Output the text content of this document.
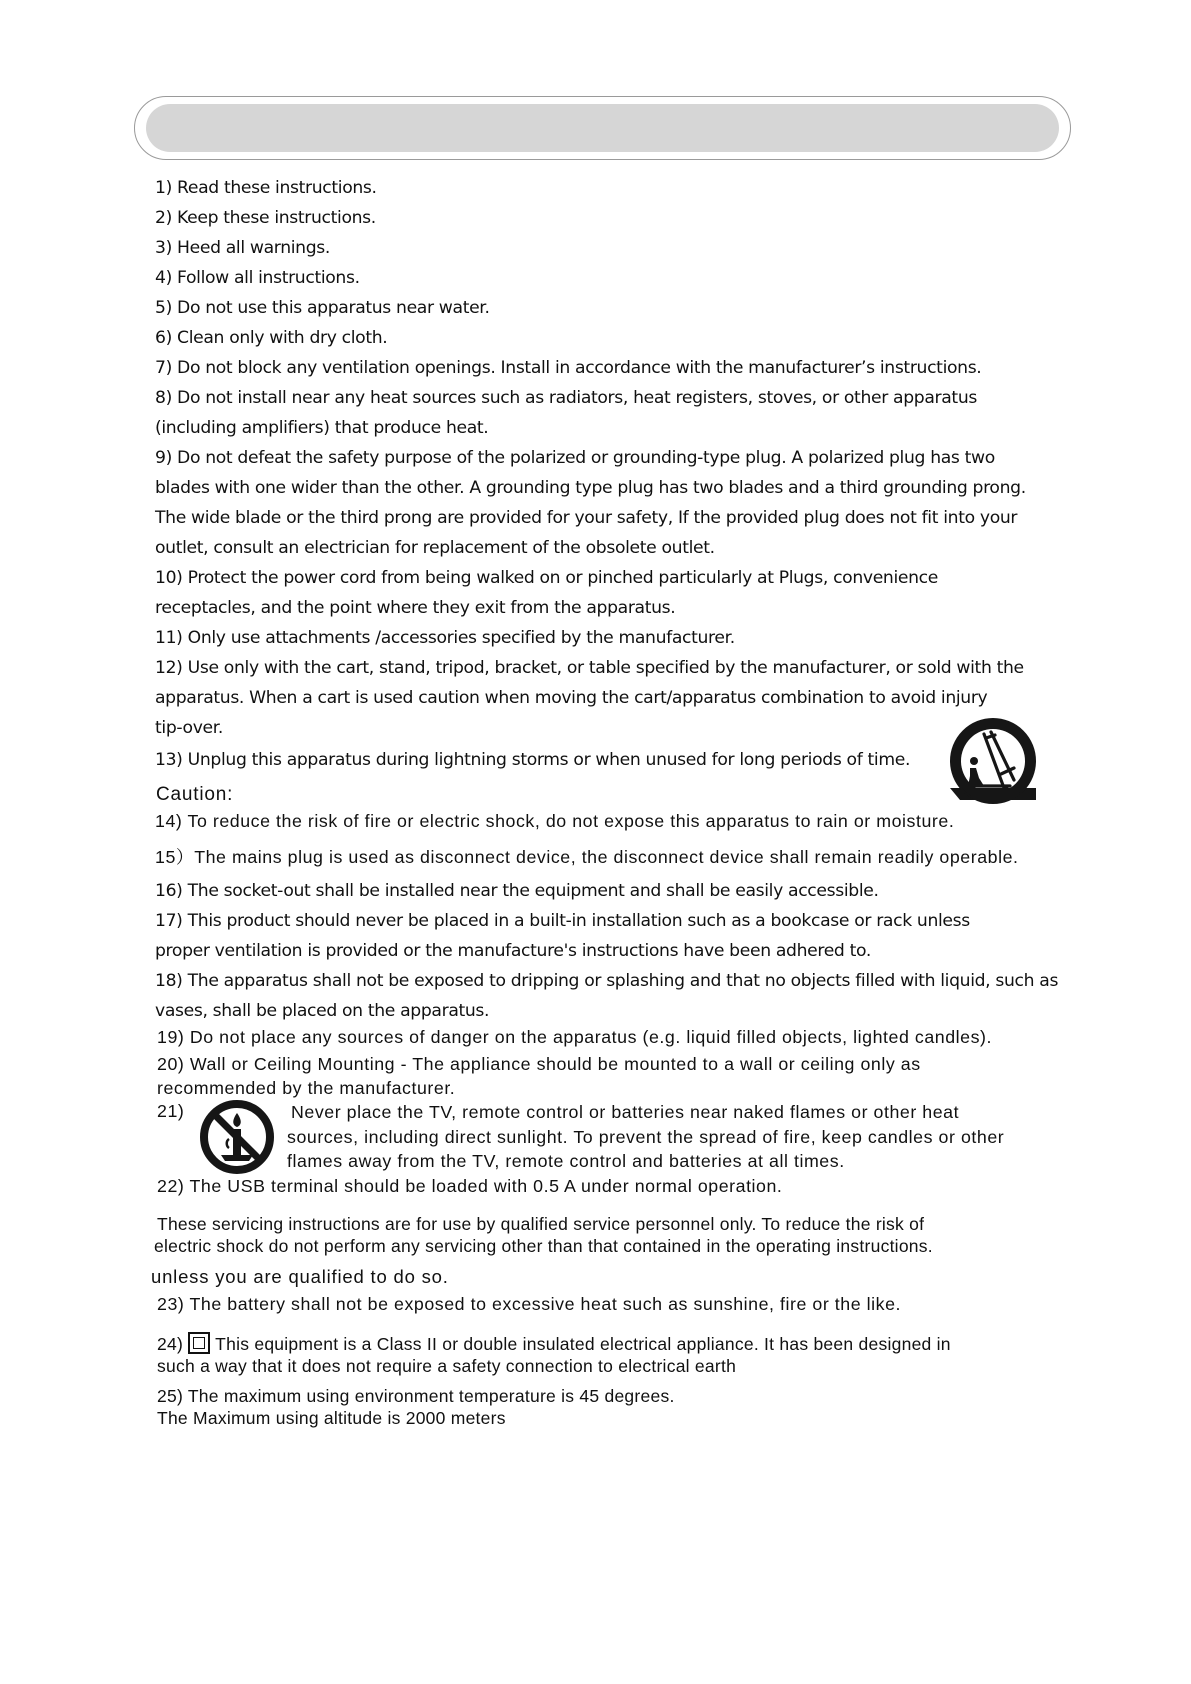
1) Read these instructions.
2) Keep these instructions.
3) Heed all warnings.
4) Follow all instructions.
5) Do not use this apparatus near water.
6) Clean only with dry cloth.
7) Do not block any ventilation openings. Install in accordance with the manufacturer’s instructions.
8) Do not install near any heat sources such as radiators, heat registers, stoves, or other apparatus
(including amplifiers) that produce heat.
9) Do not defeat the safety purpose of the polarized or grounding-type plug. A polarized plug has two
blades with one wider than the other. A grounding type plug has two blades and a third grounding prong.
The wide blade or the third prong are provided for your safety, If the provided plug does not fit into your
outlet, consult an electrician for replacement of the obsolete outlet.
10) Protect the power cord from being walked on or pinched particularly at Plugs, convenience
receptacles, and the point where they exit from the apparatus.
11) Only use attachments /accessories specified by the manufacturer.
12) Use only with the cart, stand, tripod, bracket, or table specified by the manufacturer, or sold with the
apparatus. When a cart is used caution when moving the cart/apparatus combination to avoid injury
tip-over.
13) Unplug this apparatus during lightning storms or when unused for long periods of time.
Caution:
14) To reduce the risk of fire or electric shock, do not expose this apparatus to rain or moisture.
15）The mains plug is used as disconnect device, the disconnect device shall remain readily operable.
16) The socket-out shall be installed near the equipment and shall be easily accessible.
17) This product should never be placed in a built-in installation such as a bookcase or rack unless
proper ventilation is provided or the manufacture's instructions have been adhered to.
18) The apparatus shall not be exposed to dripping or splashing and that no objects filled with liquid, such as
vases, shall be placed on the apparatus.
19) Do not place any sources of danger on the apparatus (e.g. liquid filled objects, lighted candles).
20) Wall or Ceiling Mounting - The appliance should be mounted to a wall or ceiling only as
recommended by the manufacturer.
21)	Never place the TV, remote control or batteries near naked flames or other heat
sources, including direct sunlight. To prevent the spread of fire, keep candles or other
flames away from the TV, remote control and batteries at all times.
22) The USB terminal should be loaded with 0.5 A under normal operation.
These servicing instructions are for use by qualified service personnel only. To reduce the risk of
electric shock do not perform any servicing other than that contained in the operating instructions.
unless you are qualified to do so.
23) The battery shall not be exposed to excessive heat such as sunshine, fire or the like.
24) This equipment is a Class II or double insulated electrical appliance. It has been designed in
such a way that it does not require a safety connection to electrical earth
25) The maximum using environment temperature is 45 degrees.
The Maximum using altitude is 2000 meters
